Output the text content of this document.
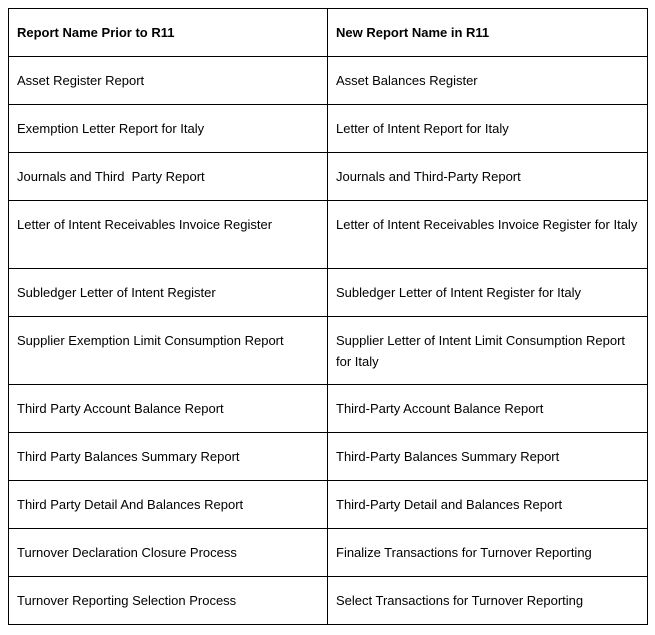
Report Name Prior to R11	New Report Name in R11
Asset Register Report	Asset Balances Register
Exemption Letter Report for Italy	Letter of Intent Report for Italy
Journals and Third  Party Report	Journals and Third-Party Report
Letter of Intent Receivables Invoice Register	Letter of Intent Receivables Invoice Register for Italy
Subledger Letter of Intent Register	Subledger Letter of Intent Register for Italy
Supplier Exemption Limit Consumption Report	Supplier Letter of Intent Limit Consumption Report for Italy
Third Party Account Balance Report	Third-Party Account Balance Report
Third Party Balances Summary Report	Third-Party Balances Summary Report
Third Party Detail And Balances Report	Third-Party Detail and Balances Report
Turnover Declaration Closure Process	Finalize Transactions for Turnover Reporting
Turnover Reporting Selection Process	Select Transactions for Turnover Reporting
